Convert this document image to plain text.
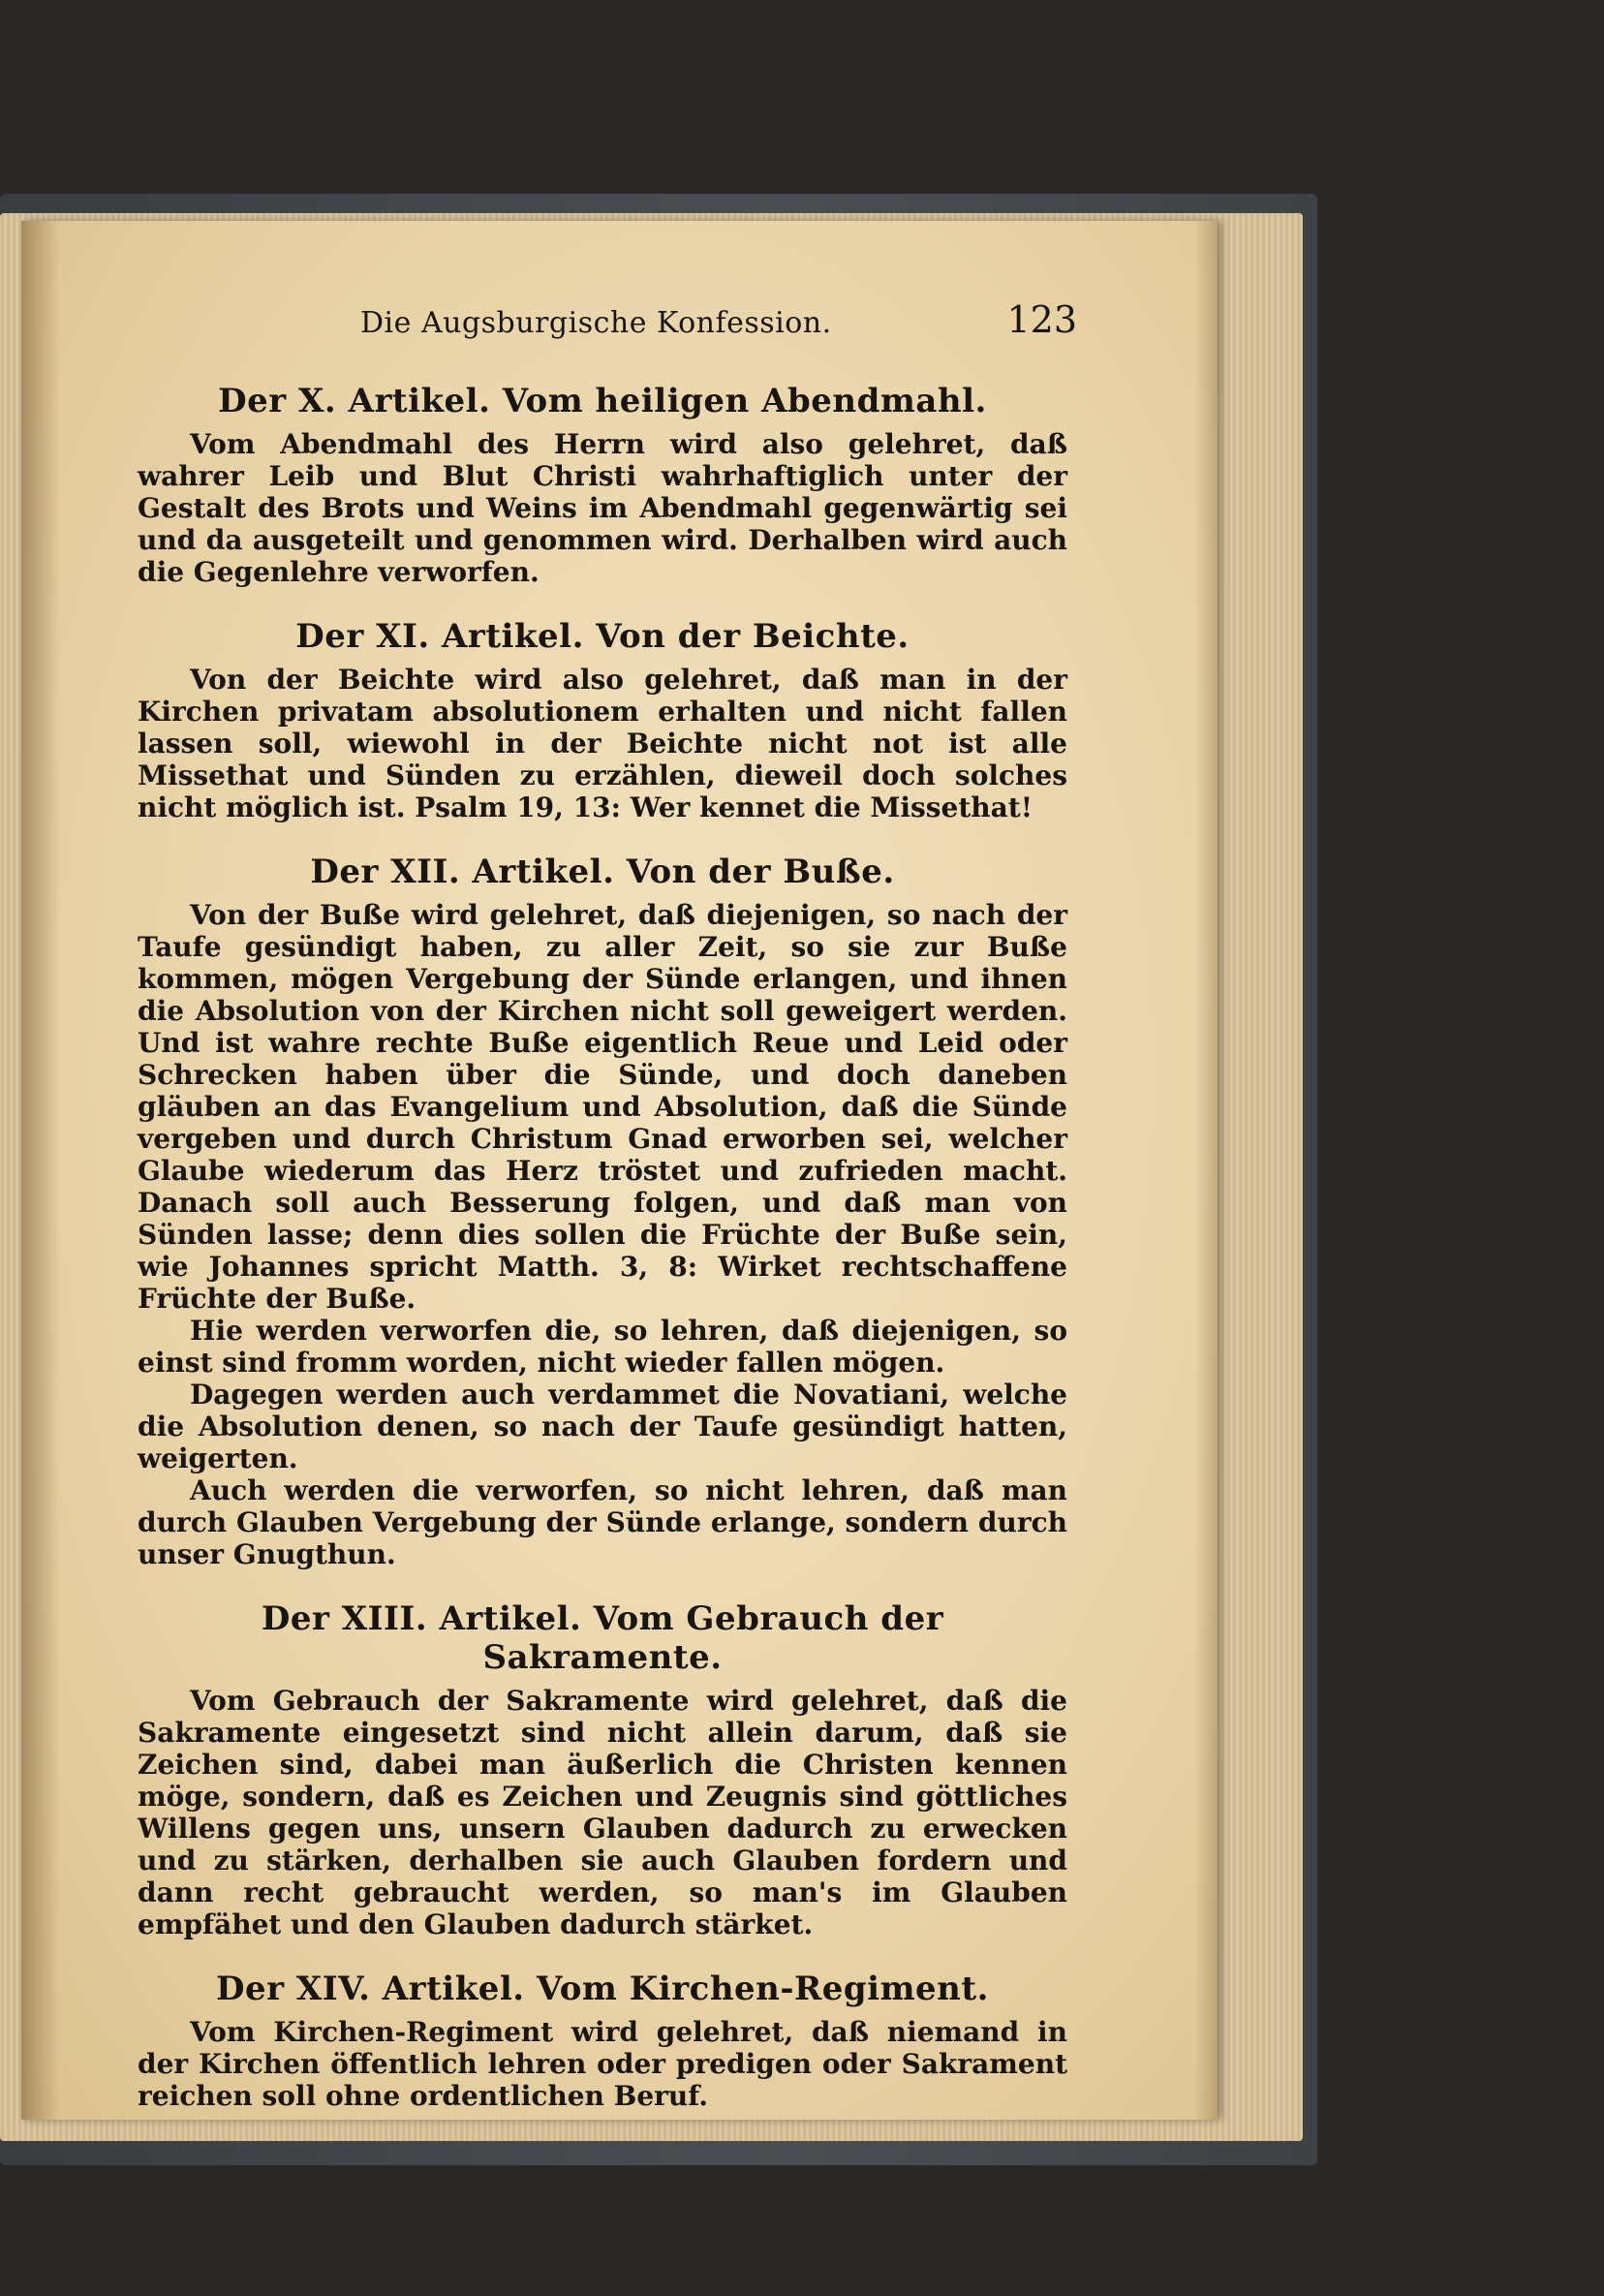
Die Augsburgische Konfession.	123
Der X. Artikel. Vom heiligen Abendmahl.

Vom Abendmahl des Herrn wird also gelehret, daß wahrer Leib und Blut Christi wahrhaftiglich unter der Gestalt des Brots und Weins im Abendmahl gegenwärtig sei und da ausgeteilt und genommen wird. Derhalben wird auch die Gegenlehre verworfen.

Der XI. Artikel. Von der Beichte.

Von der Beichte wird also gelehret, daß man in der Kirchen privatam absolutionem erhalten und nicht fallen lassen soll, wiewohl in der Beichte nicht not ist alle Missethat und Sünden zu erzählen, dieweil doch solches nicht möglich ist. Psalm 19, 13: Wer kennet die Missethat!

Der XII. Artikel. Von der Buße.

Von der Buße wird gelehret, daß diejenigen, so nach der Taufe gesündigt haben, zu aller Zeit, so sie zur Buße kommen, mögen Vergebung der Sünde erlangen, und ihnen die Absolution von der Kirchen nicht soll geweigert werden. Und ist wahre rechte Buße eigentlich Reue und Leid oder Schrecken haben über die Sünde, und doch daneben gläuben an das Evangelium und Absolution, daß die Sünde vergeben und durch Christum Gnad erworben sei, welcher Glaube wiederum das Herz tröstet und zufrieden macht. Danach soll auch Besserung folgen, und daß man von Sünden lasse; denn dies sollen die Früchte der Buße sein, wie Johannes spricht Matth. 3, 8: Wirket rechtschaffene Früchte der Buße.

Hie werden verworfen die, so lehren, daß diejenigen, so einst sind fromm worden, nicht wieder fallen mögen.

Dagegen werden auch verdammet die Novatiani, welche die Absolution denen, so nach der Taufe gesündigt hatten, weigerten.

Auch werden die verworfen, so nicht lehren, daß man durch Glauben Vergebung der Sünde erlange, sondern durch unser Gnugthun.

Der XIII. Artikel. Vom Gebrauch der Sakramente.

Vom Gebrauch der Sakramente wird gelehret, daß die Sakramente eingesetzt sind nicht allein darum, daß sie Zeichen sind, dabei man äußerlich die Christen kennen möge, sondern, daß es Zeichen und Zeugnis sind göttliches Willens gegen uns, unsern Glauben dadurch zu erwecken und zu stärken, derhalben sie auch Glauben fordern und dann recht gebraucht werden, so man's im Glauben empfähet und den Glauben dadurch stärket.

Der XIV. Artikel. Vom Kirchen-Regiment.

Vom Kirchen-Regiment wird gelehret, daß niemand in der Kirchen öffentlich lehren oder predigen oder Sakrament reichen soll ohne ordentlichen Beruf.
